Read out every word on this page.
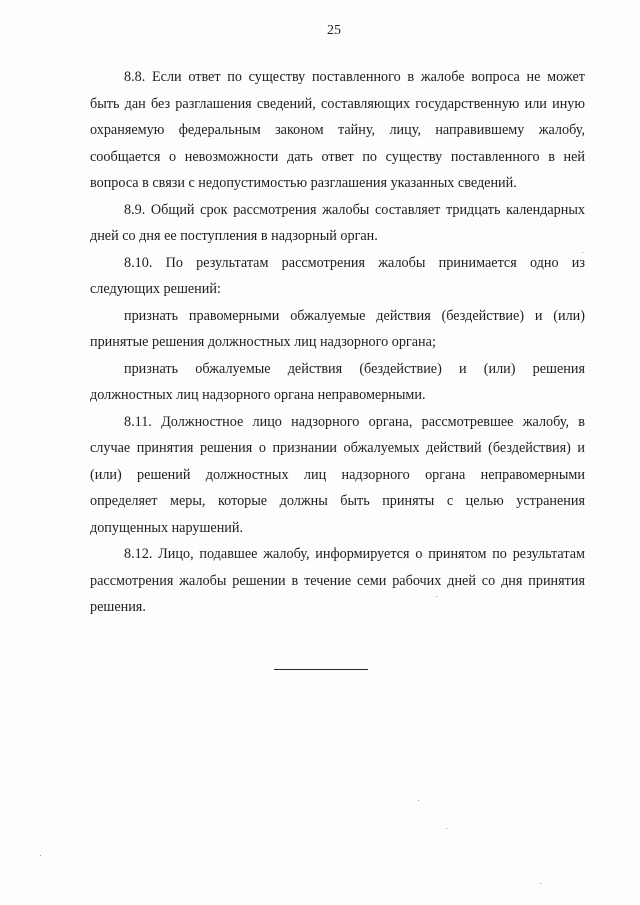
25

8.8. Если ответ по существу поставленного в жалобе вопроса не может быть дан без разглашения сведений, составляющих государственную или иную охраняемую федеральным законом тайну, лицу, направившему жалобу, сообщается о невозможности дать ответ по существу поставленного в ней вопроса в связи с недопустимостью разглашения указанных сведений.

8.9. Общий срок рассмотрения жалобы составляет тридцать календарных дней со дня ее поступления в надзорный орган.

8.10. По результатам рассмотрения жалобы принимается одно из следующих решений:

признать правомерными обжалуемые действия (бездействие) и (или) принятые решения должностных лиц надзорного органа;

признать обжалуемые действия (бездействие) и (или) решения должностных лиц надзорного органа неправомерными.

8.11. Должностное лицо надзорного органа, рассмотревшее жалобу, в случае принятия решения о признании обжалуемых действий (бездействия) и (или) решений должностных лиц надзорного органа неправомерными определяет меры, которые должны быть приняты с целью устранения допущенных нарушений.

8.12. Лицо, подавшее жалобу, информируется о принятом по результатам рассмотрения жалобы решении в течение семи рабочих дней со дня принятия решения.
